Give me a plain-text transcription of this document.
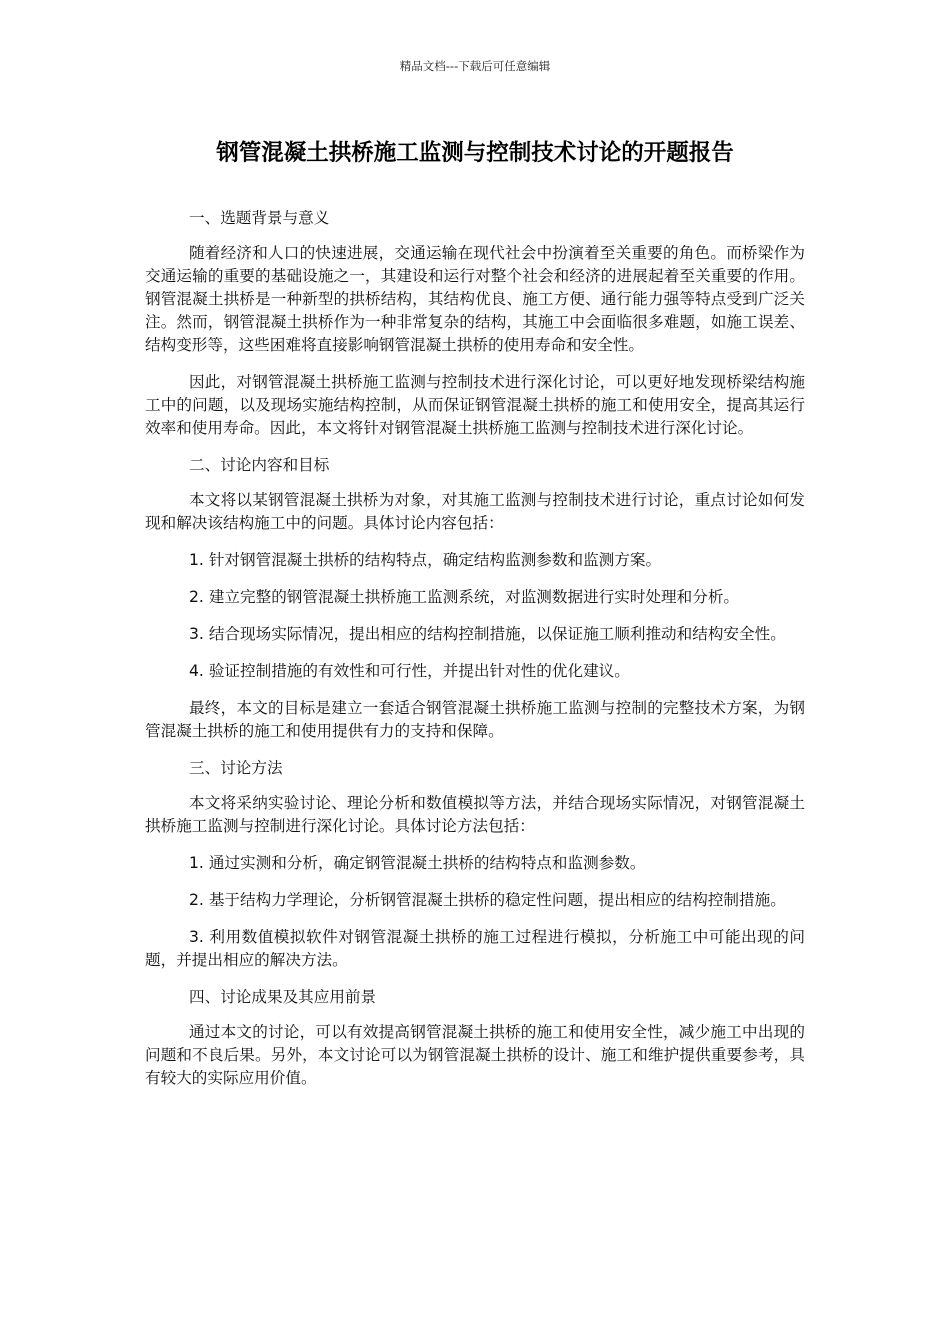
精品文档---下载后可任意编辑
钢管混凝土拱桥施工监测与控制技术讨论的开题报告

一、选题背景与意义

随着经济和人口的快速进展，交通运输在现代社会中扮演着至关重要的角色。而桥梁作为交通运输的重要的基础设施之一，其建设和运行对整个社会和经济的进展起着至关重要的作用。钢管混凝土拱桥是一种新型的拱桥结构，其结构优良、施工方便、通行能力强等特点受到广泛关注。然而，钢管混凝土拱桥作为一种非常复杂的结构，其施工中会面临很多难题，如施工误差、结构变形等，这些困难将直接影响钢管混凝土拱桥的使用寿命和安全性。

因此，对钢管混凝土拱桥施工监测与控制技术进行深化讨论，可以更好地发现桥梁结构施工中的问题，以及现场实施结构控制，从而保证钢管混凝土拱桥的施工和使用安全，提高其运行效率和使用寿命。因此，本文将针对钢管混凝土拱桥施工监测与控制技术进行深化讨论。

二、讨论内容和目标

本文将以某钢管混凝土拱桥为对象，对其施工监测与控制技术进行讨论，重点讨论如何发现和解决该结构施工中的问题。具体讨论内容包括：

1. 针对钢管混凝土拱桥的结构特点，确定结构监测参数和监测方案。

2. 建立完整的钢管混凝土拱桥施工监测系统，对监测数据进行实时处理和分析。

3. 结合现场实际情况，提出相应的结构控制措施，以保证施工顺利推动和结构安全性。

4. 验证控制措施的有效性和可行性，并提出针对性的优化建议。

最终，本文的目标是建立一套适合钢管混凝土拱桥施工监测与控制的完整技术方案，为钢管混凝土拱桥的施工和使用提供有力的支持和保障。

三、讨论方法

本文将采纳实验讨论、理论分析和数值模拟等方法，并结合现场实际情况，对钢管混凝土拱桥施工监测与控制进行深化讨论。具体讨论方法包括：

1. 通过实测和分析，确定钢管混凝土拱桥的结构特点和监测参数。

2. 基于结构力学理论，分析钢管混凝土拱桥的稳定性问题，提出相应的结构控制措施。

3. 利用数值模拟软件对钢管混凝土拱桥的施工过程进行模拟，分析施工中可能出现的问题，并提出相应的解决方法。

四、讨论成果及其应用前景

通过本文的讨论，可以有效提高钢管混凝土拱桥的施工和使用安全性，减少施工中出现的问题和不良后果。另外，本文讨论可以为钢管混凝土拱桥的设计、施工和维护提供重要参考，具有较大的实际应用价值。
